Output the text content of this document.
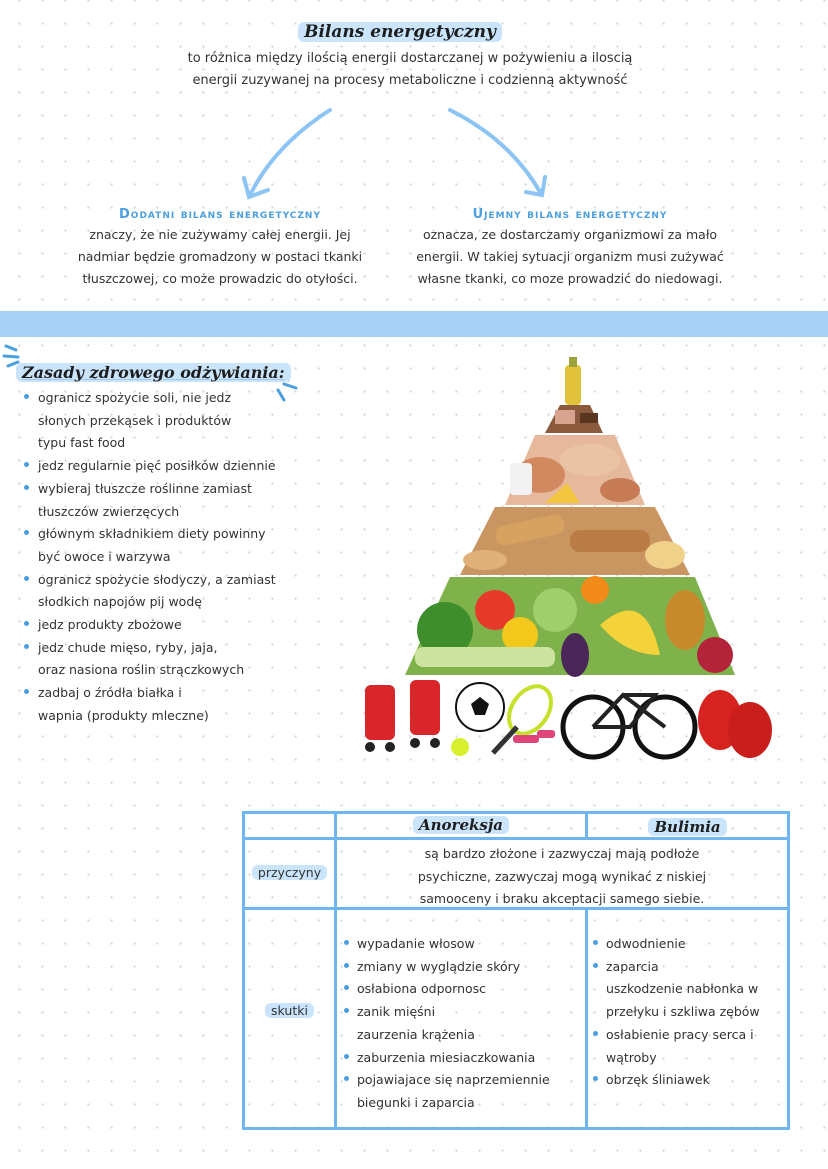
Bilans energetyczny
to różnica między ilością energii dostarczanej w pożywieniu a iloscią
energii zuzywanej na procesy metaboliczne i codzienną aktywność
Dodatni bilans energetyczny
znaczy, że nie zużywamy całej energii. Jej
nadmiar będzie gromadzony w postaci tkanki
tłuszczowej, co może prowadzic do otyłości.
Ujemny bilans energetyczny
oznacza, ze dostarczamy organizmowi za mało
energii. W takiej sytuacji organizm musi zużywać
własne tkanki, co moze prowadzić do niedowagi.
Zasady zdrowego odżywiania:
ogranicz spożycie soli, nie jedz
słonych przekąsek i produktów
typu fast food
jedz regularnie pięć posiłków dziennie
wybieraj tłuszcze roślinne zamiast
tłuszczów zwierzęcych
głównym składnikiem diety powinny
być owoce i warzywa
ogranicz spożycie słodyczy, a zamiast
słodkich napojów pij wodę
jedz produkty zbożowe
jedz chude mięso, ryby, jaja,
oraz nasiona roślin strączkowych
zadbaj o źródła białka i
wapnia (produkty mleczne)
Anoreksja	Bulimia
przyczyny
są bardzo złożone i zazwyczaj mają podłoże
psychiczne, zazwyczaj mogą wynikać z niskiej
samooceny i braku akceptacji samego siebie.
skutki
wypadanie włosow
zmiany w wyglądzie skóry
osłabiona odpornosc
zanik mięśni
zaurzenia krążenia
zaburzenia miesiaczkowania
pojawiajace się naprzemiennie
biegunki i zaparcia
odwodnienie
zaparcia
uszkodzenie nabłonka w
przełyku i szkliwa zębów
osłabienie pracy serca i
wątroby
obrzęk śliniawek
